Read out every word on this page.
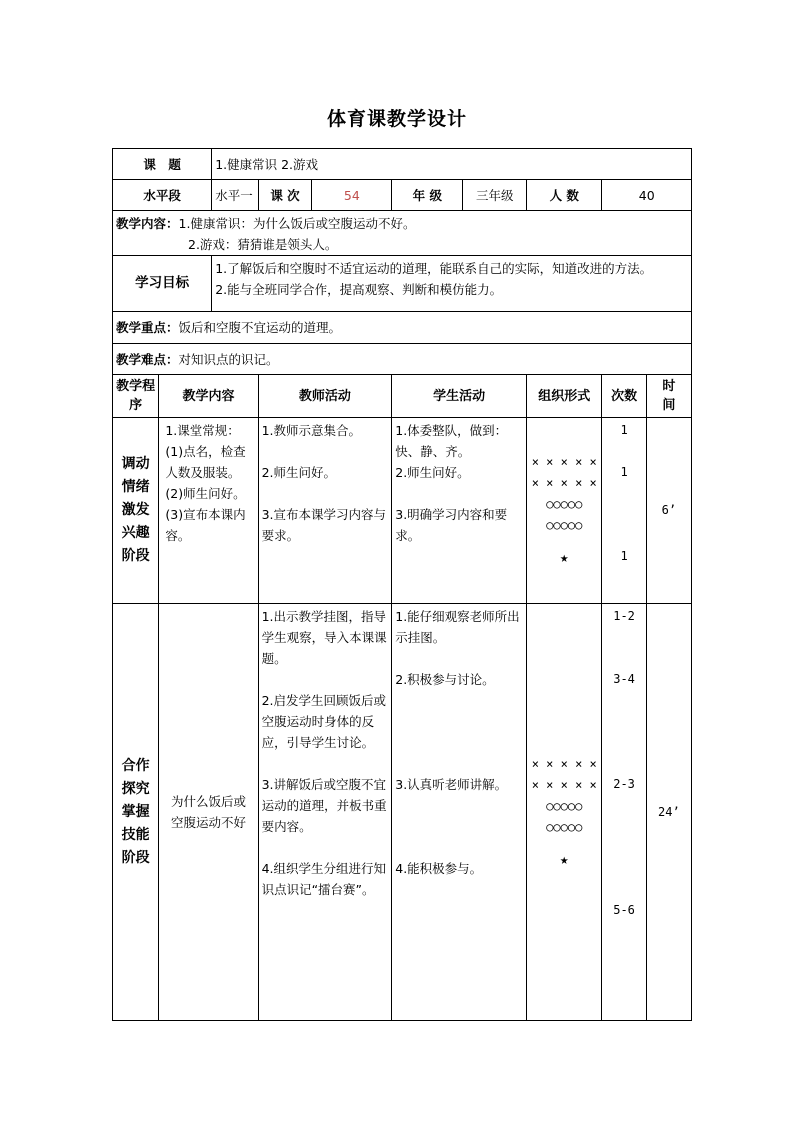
体育课教学设计
课　题		1.健康常识 2.游戏							
水平段		水平一	课 次	54	年 级	三年级	人 数	40	

教学内容：1.健康常识：为什么饭后或空腹运动不好。
2.游戏：猜猜谁是领头人。									

学习目标		1.了解饭后和空腹时不适宜运动的道理，能联系自己的实际，知道改进的方法。
2.能与全班同学合作，提高观察、判断和模仿能力。							

教学重点：饭后和空腹不宜运动的道理。									
教学难点：对知识点的识记。									
教学程序	教学内容		教师活动		学生活动		组织形式	次数	时间
调动情绪激发兴趣阶段	1.课堂常规：
(1)点名，检查人数及服装。
(2)师生问好。
(3)宣布本课内容。		1.教师示意集合。
2.师生问好。
3.宣布本课学习内容与要求。		1.体委整队，做到：快、静、齐。
2.师生问好。
3.明确学习内容和要求。		× × × × ×
× × × × ×
○○○○○
○○○○○
★	1
1
1	6’
合作探究掌握技能阶段	为什么饭后或空腹运动不好		1.出示教学挂图，指导学生观察，导入本课课题。
2.启发学生回顾饭后或空腹运动时身体的反应，引导学生讨论。
3.讲解饭后或空腹不宜运动的道理，并板书重要内容。
4.组织学生分组进行知识点识记“擂台赛”。		1.能仔细观察老师所出示挂图。
2.积极参与讨论。
3.认真听老师讲解。
4.能积极参与。		× × × × ×
× × × × ×
○○○○○
○○○○○
★	1-2
3-4
2-3
5-6	24’
